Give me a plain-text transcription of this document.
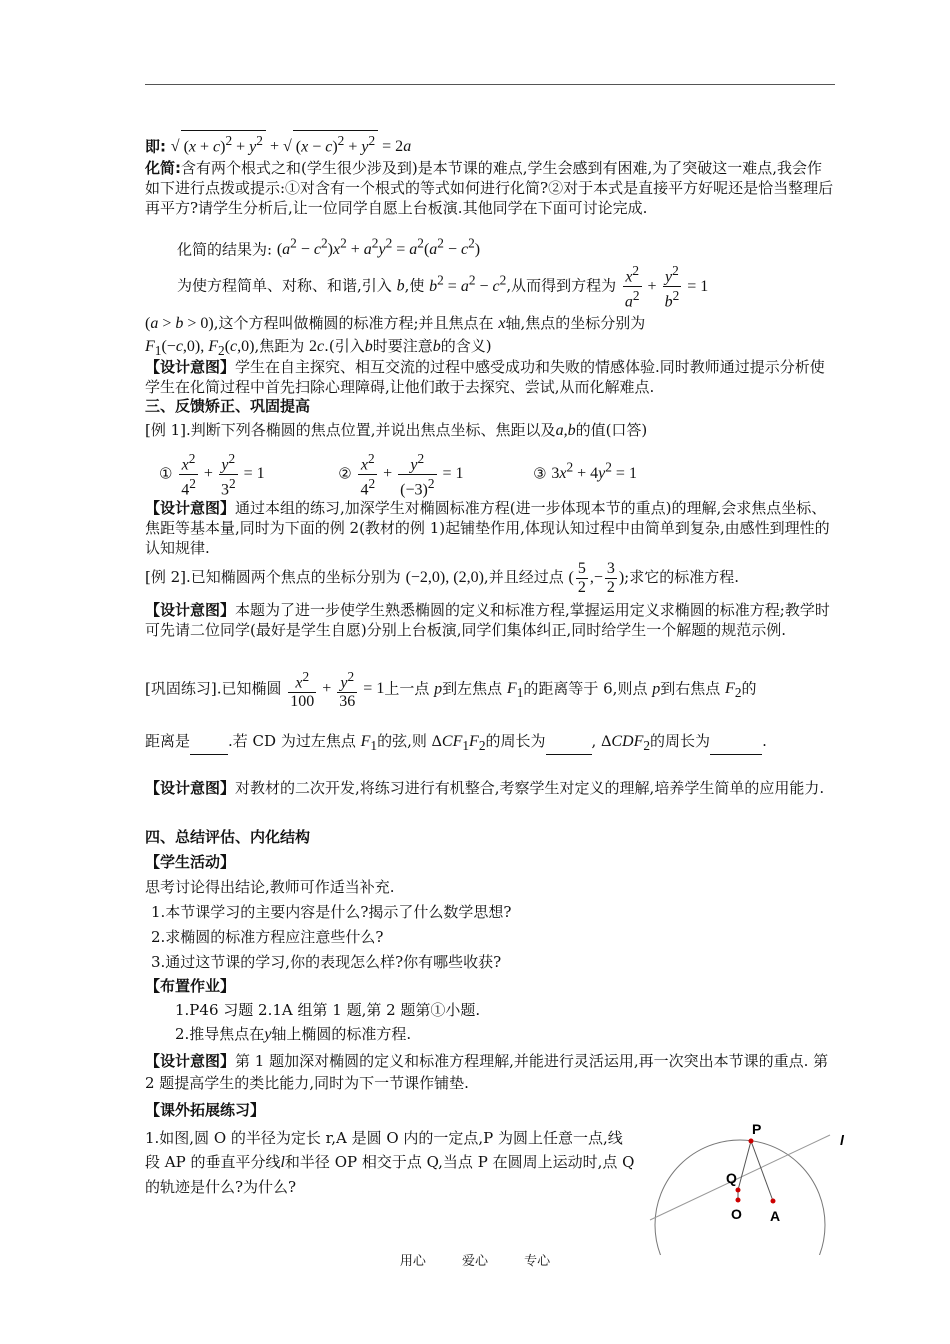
即: √ $(x + c)^2 + y^2$ + √ $(x - c)^2 + y^2 = 2a$
化简:含有两个根式之和(学生很少涉及到)是本节课的难点,学生会感到有困难,为了突破这一难点,我会作如下进行点拨或提示:①对含有一个根式的等式如何进行化简?②对于本式是直接平方好呢还是恰当整理后再平方?请学生分析后,让一位同学自愿上台板演.其他同学在下面可讨论完成.
化简的结果为: $(a^2 - c^2)x^2 + a^2y^2 = a^2(a^2 - c^2)$
为使方程简单、对称、和谐,引入 b,使 $b^2 = a^2 - c^2$,从而得到方程为 $\frac{x^2}{a^2} + \frac{y^2}{b^2} = 1$
(a > b > 0),这个方程叫做椭圆的标准方程;并且焦点在 x轴,焦点的坐标分别为
$F_1(-c,0)$, $F_2(c,0)$,焦距为 2c.(引入b时要注意b的含义)
【设计意图】学生在自主探究、相互交流的过程中感受成功和失败的情感体验.同时教师通过提示分析使学生在化简过程中首先扫除心理障碍,让他们敢于去探究、尝试,从而化解难点.
三、反馈矫正、巩固提高
[例 1].判断下列各椭圆的焦点位置,并说出焦点坐标、焦距以及a,b的值(口答)
① $\frac{x^2}{4^2} + \frac{y^2}{3^2} = 1$	② $\frac{x^2}{4^2} + \frac{y^2}{(-3)^2} = 1$	③ $3x^2 + 4y^2 = 1$
【设计意图】通过本组的练习,加深学生对椭圆标准方程(进一步体现本节的重点)的理解,会求焦点坐标、焦距等基本量,同时为下面的例 2(教材的例 1)起铺垫作用,体现认知过程中由简单到复杂,由感性到理性的认知规律.
[例 2].已知椭圆两个焦点的坐标分别为 (−2,0), (2,0),并且经过点 ( $\frac{5}{2}$ ,− $\frac{3}{2}$ );求它的标准方程.
【设计意图】本题为了进一步使学生熟悉椭圆的定义和标准方程,掌握运用定义求椭圆的标准方程;教学时可先请二位同学(最好是学生自愿)分别上台板演,同学们集体纠正,同时给学生一个解题的规范示例.
[巩固练习].已知椭圆 $\frac{x^2}{100} + \frac{y^2}{36} = 1$上一点 p到左焦点 $F_1$的距离等于 6,则点 p到右焦点 $F_2$的
距离是	.若 CD 为过左焦点 $F_1$的弦,则 $\Delta CF_1F_2$的周长为	, $\Delta CDF_2$的周长为	.
【设计意图】对教材的二次开发,将练习进行有机整合,考察学生对定义的理解,培养学生简单的应用能力.
四、总结评估、内化结构
【学生活动】
思考讨论得出结论,教师可作适当补充.
1.本节课学习的主要内容是什么?揭示了什么数学思想?
2.求椭圆的标准方程应注意些什么?
3.通过这节课的学习,你的表现怎么样?你有哪些收获?
【布置作业】
1.P46 习题 2.1A 组第 1 题,第 2 题第①小题.
2.推导焦点在y轴上椭圆的标准方程.
【设计意图】第 1 题加深对椭圆的定义和标准方程理解,并能进行灵活运用,再一次突出本节课的重点. 第 2 题提高学生的类比能力,同时为下一节课作铺垫.
【课外拓展练习】
1.如图,圆 O 的半径为定长 r,A 是圆 O 内的一定点,P 为圆上任意一点,线段 AP 的垂直平分线l和半径 OP 相交于点 Q,当点 P 在圆周上运动时,点 Q 的轨迹是什么?为什么?
P
Q
O A
l
用心	爱心	专心
